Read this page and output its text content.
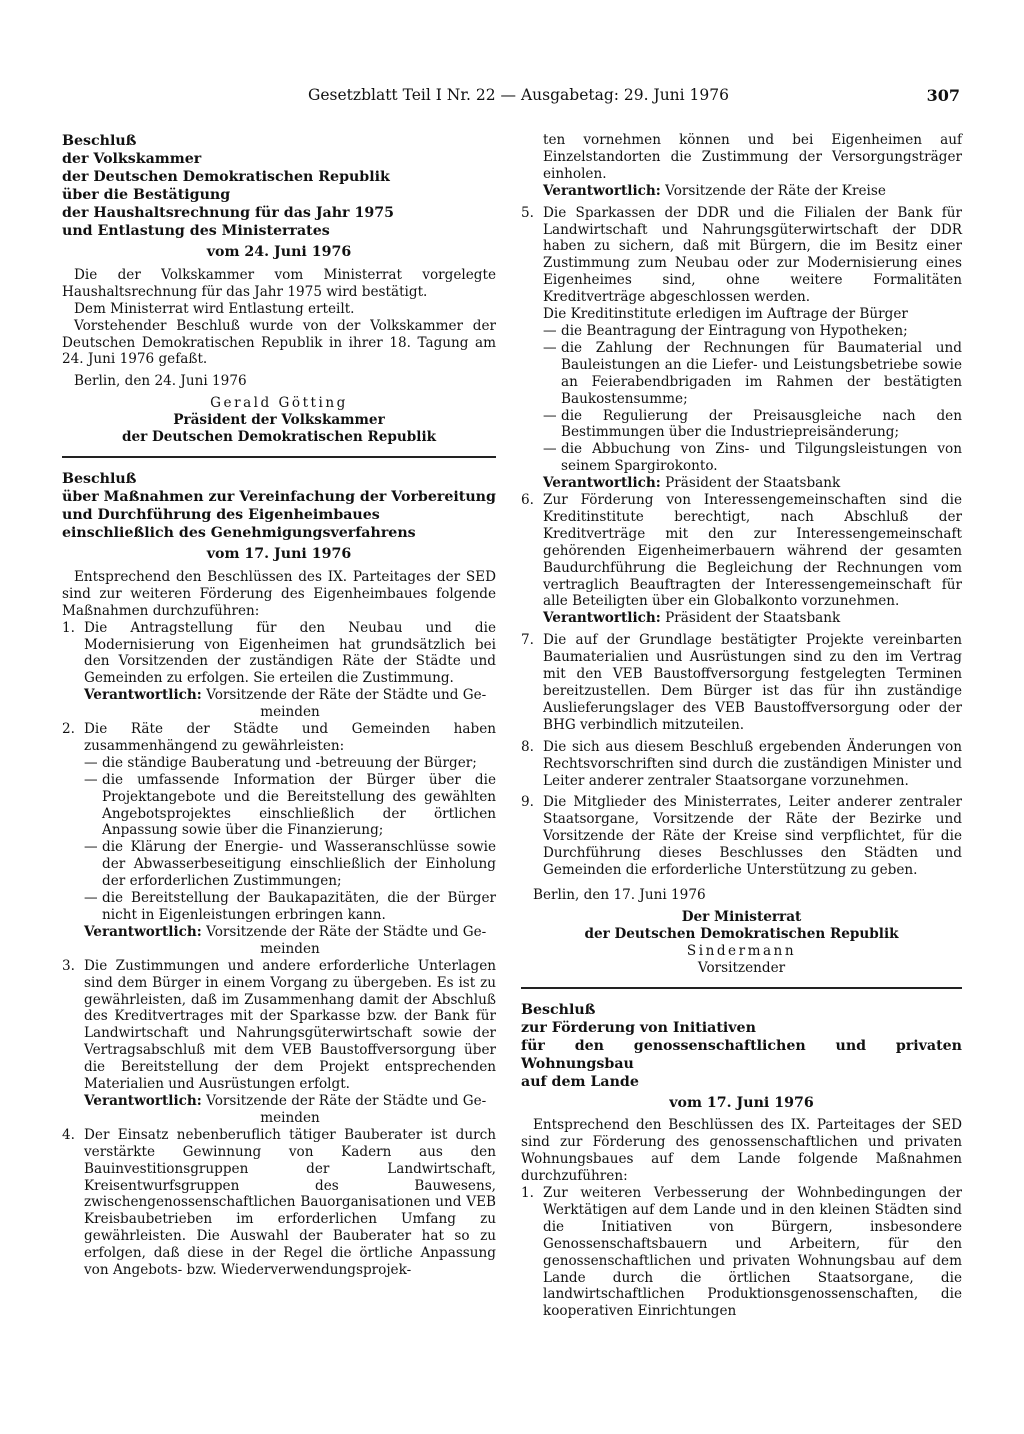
Gesetzblatt Teil I Nr. 22 — Ausgabetag: 29. Juni 1976	307

Beschluß

der Volkskammer

der Deutschen Demokratischen Republik

über die Bestätigung

der Haushaltsrechnung für das Jahr 1975

und Entlastung des Ministerrates

vom 24. Juni 1976

Die der Volkskammer vom Ministerrat vorgelegte Haushaltsrechnung für das Jahr 1975 wird bestätigt.

Dem Ministerrat wird Entlastung erteilt.

Vorstehender Beschluß wurde von der Volkskammer der Deutschen Demokratischen Republik in ihrer 18. Tagung am 24. Juni 1976 gefaßt.

Berlin, den 24. Juni 1976

Gerald Götting
Präsident der Volkskammer
der Deutschen Demokratischen Republik

Beschluß

über Maßnahmen zur Vereinfachung der Vorbereitung

und Durchführung des Eigenheimbaues

einschließlich des Genehmigungsverfahrens

vom 17. Juni 1976

Entsprechend den Beschlüssen des IX. Parteitages der SED sind zur weiteren Förderung des Eigenheimbaues folgende Maßnahmen durchzuführen:

1. Die Antragstellung für den Neubau und die Modernisierung von Eigenheimen hat grundsätzlich bei den Vorsitzenden der zuständigen Räte der Städte und Gemeinden zu erfolgen. Sie erteilen die Zustimmung.
Verantwortlich: Vorsitzende der Räte der Städte und Ge-
meinden
2. Die Räte der Städte und Gemeinden haben zusammenhängend zu gewährleisten:
— die ständige Bauberatung und -betreuung der Bürger;
— die umfassende Information der Bürger über die Projektangebote und die Bereitstellung des gewählten Angebotsprojektes einschließlich der örtlichen Anpassung sowie über die Finanzierung;
— die Klärung der Energie- und Wasseranschlüsse sowie der Abwasserbeseitigung einschließlich der Einholung der erforderlichen Zustimmungen;
— die Bereitstellung der Baukapazitäten, die der Bürger nicht in Eigenleistungen erbringen kann.
Verantwortlich: Vorsitzende der Räte der Städte und Ge-
meinden
3. Die Zustimmungen und andere erforderliche Unterlagen sind dem Bürger in einem Vorgang zu übergeben. Es ist zu gewährleisten, daß im Zusammenhang damit der Abschluß des Kreditvertrages mit der Sparkasse bzw. der Bank für Landwirtschaft und Nahrungsgüterwirtschaft sowie der Vertragsabschluß mit dem VEB Baustoffversorgung über die Bereitstellung der dem Projekt entsprechenden Materialien und Ausrüstungen erfolgt.
Verantwortlich: Vorsitzende der Räte der Städte und Ge-
meinden
4. Der Einsatz nebenberuflich tätiger Bauberater ist durch verstärkte Gewinnung von Kadern aus den Bauinvestitionsgruppen der Landwirtschaft, Kreisentwurfsgruppen des Bauwesens, zwischengenossenschaftlichen Bauorganisationen und VEB Kreisbaubetrieben im erforderlichen Umfang zu gewährleisten. Die Auswahl der Bauberater hat so zu erfolgen, daß diese in der Regel die örtliche Anpassung von Angebots- bzw. Wiederverwendungsprojek-

ten vornehmen können und bei Eigenheimen auf Einzelstandorten die Zustimmung der Versorgungsträger einholen.

Verantwortlich: Vorsitzende der Räte der Kreise
5. Die Sparkassen der DDR und die Filialen der Bank für Landwirtschaft und Nahrungsgüterwirtschaft der DDR haben zu sichern, daß mit Bürgern, die im Besitz einer Zustimmung zum Neubau oder zur Modernisierung eines Eigenheimes sind, ohne weitere Formalitäten Kreditverträge abgeschlossen werden.

Die Kreditinstitute erledigen im Auftrage der Bürger

— die Beantragung der Eintragung von Hypotheken;
— die Zahlung der Rechnungen für Baumaterial und Bauleistungen an die Liefer- und Leistungsbetriebe sowie an Feierabendbrigaden im Rahmen der bestätigten Baukostensumme;
— die Regulierung der Preisausgleiche nach den Bestimmungen über die Industriepreisänderung;
— die Abbuchung von Zins- und Tilgungsleistungen von seinem Spargirokonto.
Verantwortlich: Präsident der Staatsbank
6. Zur Förderung von Interessengemeinschaften sind die Kreditinstitute berechtigt, nach Abschluß der Kreditverträge mit den zur Interessengemeinschaft gehörenden Eigenheimerbauern während der gesamten Baudurchführung die Begleichung der Rechnungen vom vertraglich Beauftragten der Interessengemeinschaft für alle Beteiligten über ein Globalkonto vorzunehmen.
Verantwortlich: Präsident der Staatsbank
7. Die auf der Grundlage bestätigter Projekte vereinbarten Baumaterialien und Ausrüstungen sind zu den im Vertrag mit den VEB Baustoffversorgung festgelegten Terminen bereitzustellen. Dem Bürger ist das für ihn zuständige Auslieferungslager des VEB Baustoffversorgung oder der BHG verbindlich mitzuteilen.
8. Die sich aus diesem Beschluß ergebenden Änderungen von Rechtsvorschriften sind durch die zuständigen Minister und Leiter anderer zentraler Staatsorgane vorzunehmen.
9. Die Mitglieder des Ministerrates, Leiter anderer zentraler Staatsorgane, Vorsitzende der Räte der Bezirke und Vorsitzende der Räte der Kreise sind verpflichtet, für die Durchführung dieses Beschlusses den Städten und Gemeinden die erforderliche Unterstützung zu geben.

Berlin, den 17. Juni 1976

Der Ministerrat
der Deutschen Demokratischen Republik
Sindermann
Vorsitzender

Beschluß

zur Förderung von Initiativen

für den genossenschaftlichen und privaten Wohnungsbau

auf dem Lande

vom 17. Juni 1976

Entsprechend den Beschlüssen des IX. Parteitages der SED sind zur Förderung des genossenschaftlichen und privaten Wohnungsbaues auf dem Lande folgende Maßnahmen durchzuführen:

1. Zur weiteren Verbesserung der Wohnbedingungen der Werktätigen auf dem Lande und in den kleinen Städten sind die Initiativen von Bürgern, insbesondere Genossenschaftsbauern und Arbeitern, für den genossenschaftlichen und privaten Wohnungsbau auf dem Lande durch die örtlichen Staatsorgane, die landwirtschaftlichen Produktionsgenossenschaften, die kooperativen Einrichtungen
